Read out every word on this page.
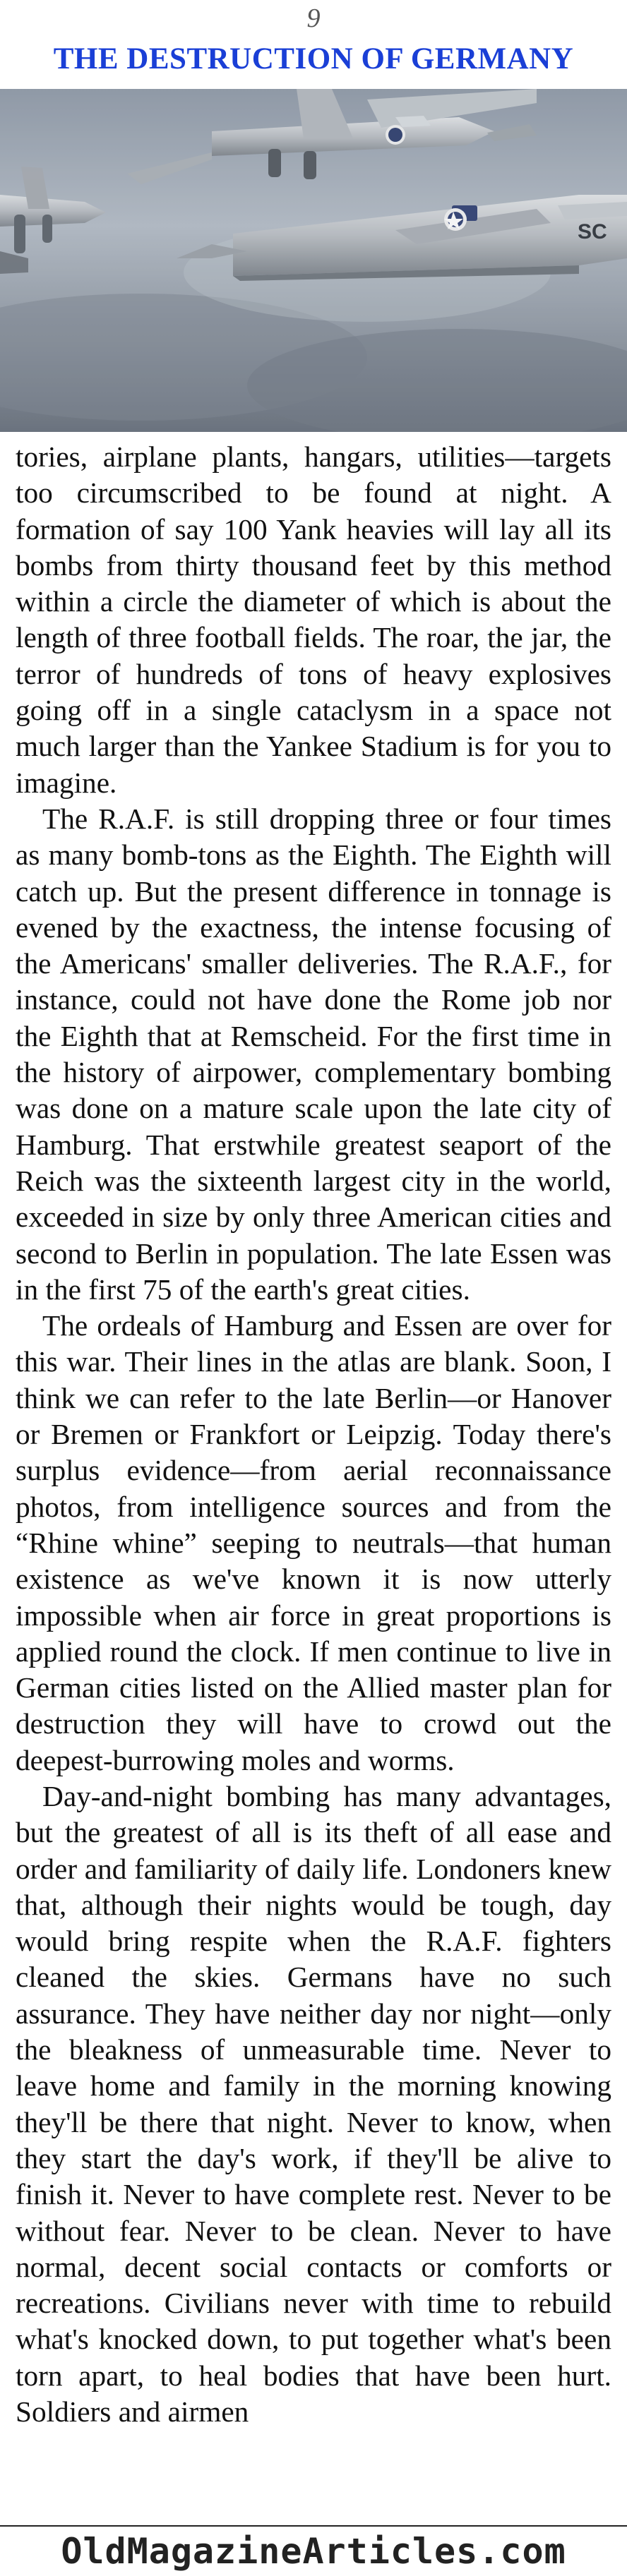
9
THE DESTRUCTION OF GERMANY
SC

tories, airplane plants, hangars, utilities—targets too circumscribed to be found at night. A formation of say 100 Yank heavies will lay all its bombs from thirty thousand feet by this method within a circle the diameter of which is about the length of three football fields. The roar, the jar, the terror of hundreds of tons of heavy explosives going off in a single cataclysm in a space not much larger than the Yankee Stadium is for you to imagine.

The R.A.F. is still dropping three or four times as many bomb-tons as the Eighth. The Eighth will catch up. But the present difference in tonnage is evened by the exactness, the intense focusing of the Americans' smaller deliveries. The R.A.F., for instance, could not have done the Rome job nor the Eighth that at Remscheid. For the first time in the history of airpower, complementary bombing was done on a mature scale upon the late city of Hamburg. That erstwhile greatest seaport of the Reich was the sixteenth largest city in the world, exceeded in size by only three American cities and second to Berlin in population. The late Essen was in the first 75 of the earth's great cities.

The ordeals of Hamburg and Essen are over for this war. Their lines in the atlas are blank. Soon, I think we can refer to the late Berlin—or Hanover or Bremen or Frankfort or Leipzig. Today there's surplus evidence—from aerial reconnaissance photos, from intelligence sources and from the “Rhine whine” seeping to neutrals—that human existence as we've known it is now utterly impossible when air force in great proportions is applied round the clock. If men continue to live in German cities listed on the Allied master plan for destruction they will have to crowd out the deepest-burrowing moles and worms.

Day-and-night bombing has many advantages, but the greatest of all is its theft of all ease and order and familiarity of daily life. Londoners knew that, although their nights would be tough, day would bring respite when the R.A.F. fighters cleaned the skies. Germans have no such assurance. They have neither day nor night—only the bleakness of unmeasurable time. Never to leave home and family in the morning knowing they'll be there that night. Never to know, when they start the day's work, if they'll be alive to finish it. Never to have complete rest. Never to be without fear. Never to be clean. Never to have normal, decent social contacts or comforts or recreations. Civilians never with time to rebuild what's knocked down, to put together what's been torn apart, to heal bodies that have been hurt. Soldiers and airmen

OldMagazineArticles.com
